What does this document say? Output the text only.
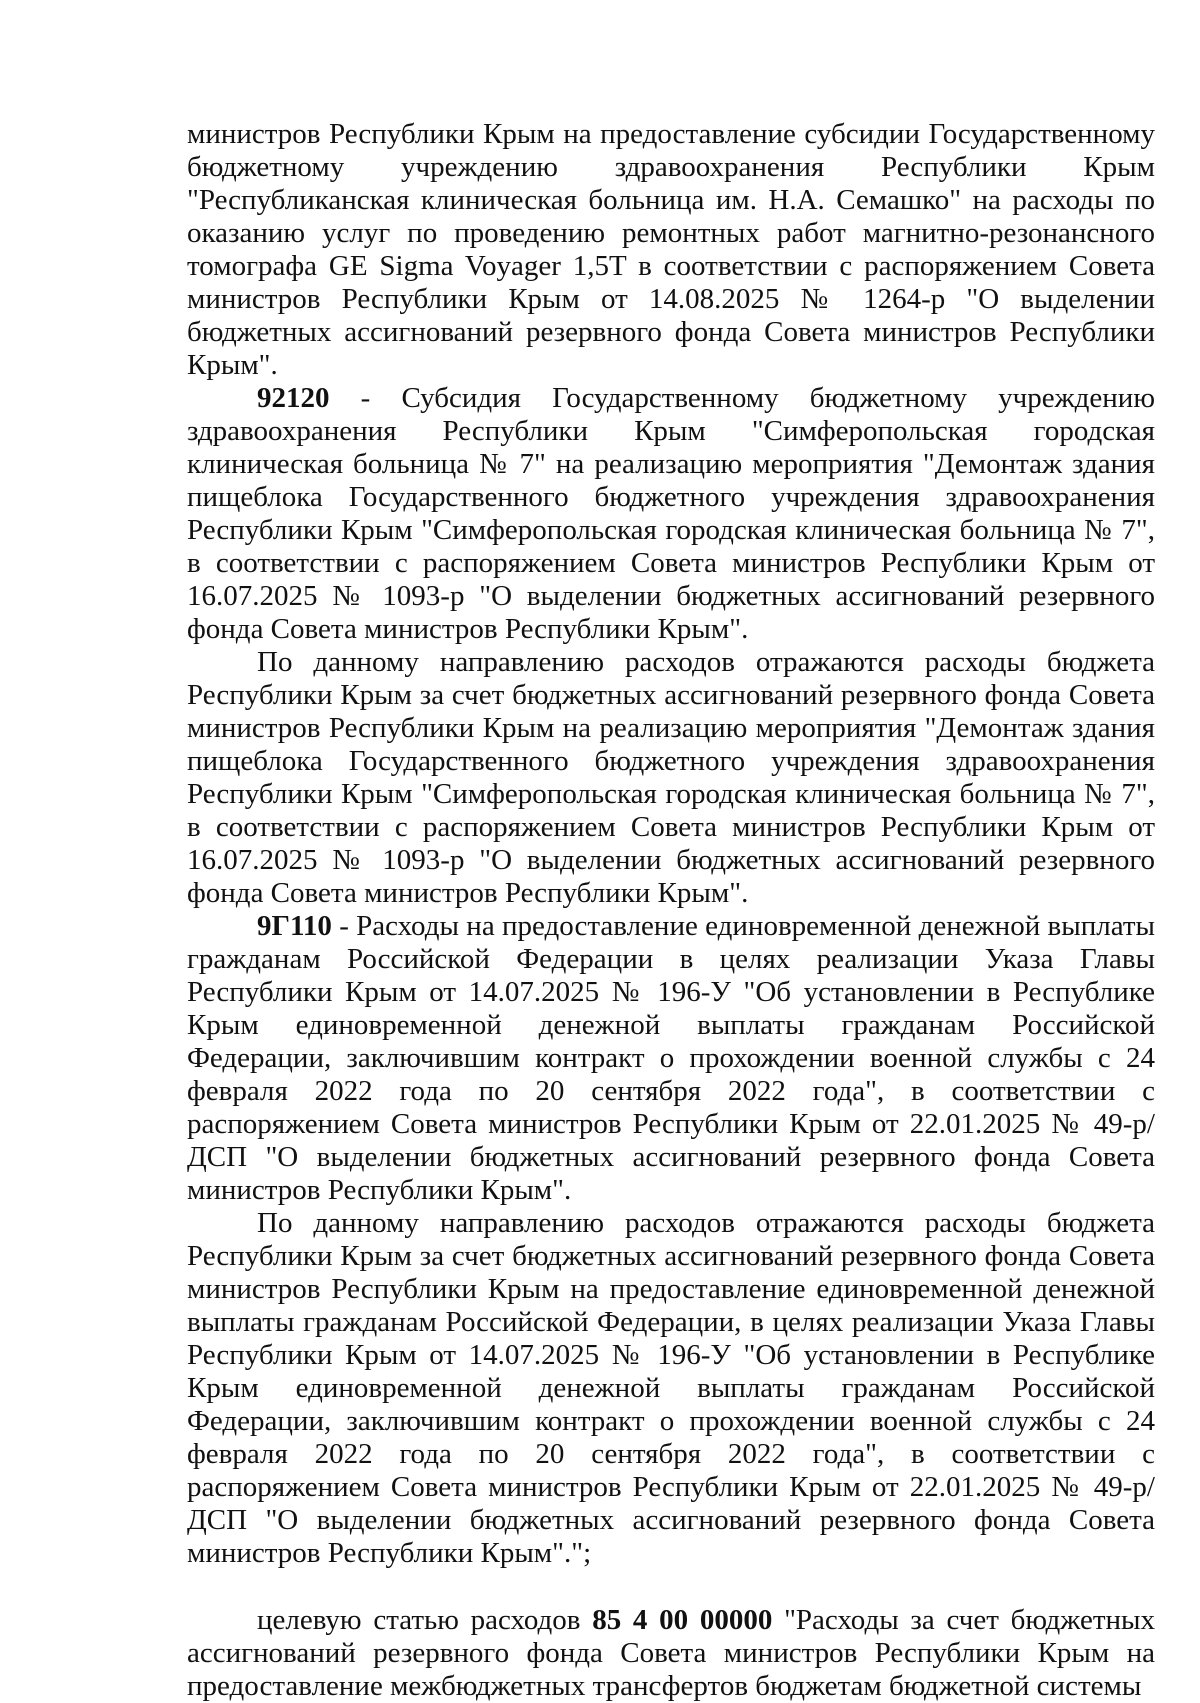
министров Республики Крым на предоставление субсидии Государственному бюджетному учреждению здравоохранения Республики Крым "Республиканская клиническая больница им. Н.А. Семашко" на расходы по оказанию услуг по проведению ремонтных работ магнитно-резонансного томографа GE Sigma Voyager 1,5T в соответствии с распоряжением Совета министров Республики Крым от 14.08.2025 № 1264-р "О выделении бюджетных ассигнований резервного фонда Совета министров Республики Крым".

92120 - Субсидия Государственному бюджетному учреждению здравоохранения Республики Крым "Симферопольская городская клиническая больница № 7" на реализацию мероприятия "Демонтаж здания пищеблока Государственного бюджетного учреждения здравоохранения Республики Крым "Симферопольская городская клиническая больница № 7", в соответствии с распоряжением Совета министров Республики Крым от 16.07.2025 № 1093-р "О выделении бюджетных ассигнований резервного фонда Совета министров Республики Крым".

По данному направлению расходов отражаются расходы бюджета Республики Крым за счет бюджетных ассигнований резервного фонда Совета министров Республики Крым на реализацию мероприятия "Демонтаж здания пищеблока Государственного бюджетного учреждения здравоохранения Республики Крым "Симферопольская городская клиническая больница № 7", в соответствии с распоряжением Совета министров Республики Крым от 16.07.2025 № 1093-р "О выделении бюджетных ассигнований резервного фонда Совета министров Республики Крым".

9Г110 - Расходы на предоставление единовременной денежной выплаты гражданам Российской Федерации в целях реализации Указа Главы Республики Крым от 14.07.2025 № 196-У "Об установлении в Республике Крым единовременной денежной выплаты гражданам Российской Федерации, заключившим контракт о прохождении военной службы с 24 февраля 2022 года по 20 сентября 2022 года", в соответствии с распоряжением Совета министров Республики Крым от 22.01.2025 № 49-р/ДСП "О выделении бюджетных ассигнований резервного фонда Совета министров Республики Крым".

По данному направлению расходов отражаются расходы бюджета Республики Крым за счет бюджетных ассигнований резервного фонда Совета министров Республики Крым на предоставление единовременной денежной выплаты гражданам Российской Федерации, в целях реализации Указа Главы Республики Крым от 14.07.2025 № 196-У "Об установлении в Республике Крым единовременной денежной выплаты гражданам Российской Федерации, заключившим контракт о прохождении военной службы с 24 февраля 2022 года по 20 сентября 2022 года", в соответствии с распоряжением Совета министров Республики Крым от 22.01.2025 № 49-р/ДСП "О выделении бюджетных ассигнований резервного фонда Совета министров Республики Крым".";

целевую статью расходов 85 4 00 00000 "Расходы за счет бюджетных ассигнований резервного фонда Совета министров Республики Крым на предоставление межбюджетных трансфертов бюджетам бюджетной системы
